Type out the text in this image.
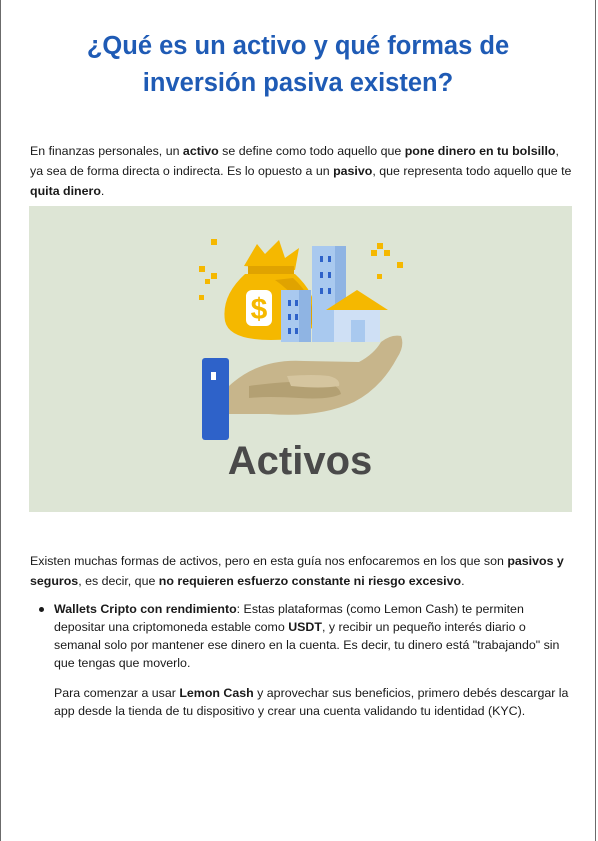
¿Qué es un activo y qué formas de inversión pasiva existen?

En finanzas personales, un activo se define como todo aquello que pone dinero en tu bolsillo, ya sea de forma directa o indirecta. Es lo opuesto a un pasivo, que representa todo aquello que te quita dinero.

$
Activos

Existen muchas formas de activos, pero en esta guía nos enfocaremos en los que son pasivos y seguros, es decir, que no requieren esfuerzo constante ni riesgo excesivo.

Wallets Cripto con rendimiento: Estas plataformas (como Lemon Cash) te permiten depositar una criptomoneda estable como USDT, y recibir un pequeño interés diario o semanal solo por mantener ese dinero en la cuenta. Es decir, tu dinero está "trabajando" sin que tengas que moverlo.

Para comenzar a usar Lemon Cash y aprovechar sus beneficios, primero debés descargar la app desde la tienda de tu dispositivo y crear una cuenta validando tu identidad (KYC).
